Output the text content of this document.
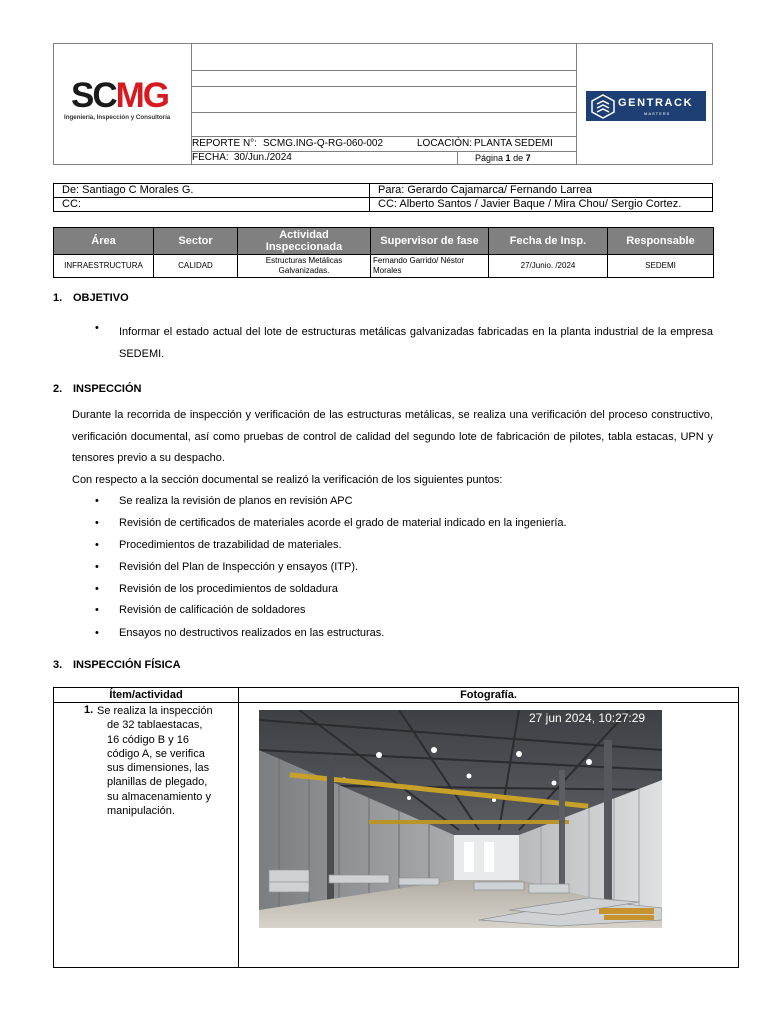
SCMG
Ingeniería, Inspección y Consultoría
REPORTE N°: SCMG.ING-Q-RG-060-002	LOCACIÓN: PLANTA SEDEMI
FECHA: 30/Jun./2024	Página 1 de 7
GENTRACK
MASTERS
De: Santiago C Morales G.	Para: Gerardo Cajamarca/ Fernando Larrea
CC:	CC: Alberto Santos / Javier Baque / Mira Chou/ Sergio Cortez.
Área	Sector	Actividad Inspeccionada	Supervisor de fase	Fecha de Insp.	Responsable
INFRAESTRUCTURA	CALIDAD	Estructuras Metálicas Galvanizadas.	Fernando Garrido/ Néstor Morales	27/Junio. /2024	SEDEMI
1. OBJETIVO
Informar el estado actual del lote de estructuras metálicas galvanizadas fabricadas en la planta industrial de la empresa SEDEMI.
2. INSPECCIÓN
Durante la recorrida de inspección y verificación de las estructuras metálicas, se realiza una verificación del proceso constructivo, verificación documental, así como pruebas de control de calidad del segundo lote de fabricación de pilotes, tabla estacas, UPN y tensores previo a su despacho.
Con respecto a la sección documental se realizó la verificación de los siguientes puntos:
Se realiza la revisión de planos en revisión APC
Revisión de certificados de materiales acorde el grado de material indicado en la ingeniería.
Procedimientos de trazabilidad de materiales.
Revisión del Plan de Inspección y ensayos (ITP).
Revisión de los procedimientos de soldadura
Revisión de calificación de soldadores
Ensayos no destructivos realizados en las estructuras.
3. INSPECCIÓN FÍSICA
Ítem/actividad	Fotografía.
1. Se realiza la inspección
de 32 tablaestacas,
16 código B y 16
código A, se verifica
sus dimensiones, las
planillas de plegado,
su almacenamiento y
manipulación.
27 jun 2024, 10:27:29
